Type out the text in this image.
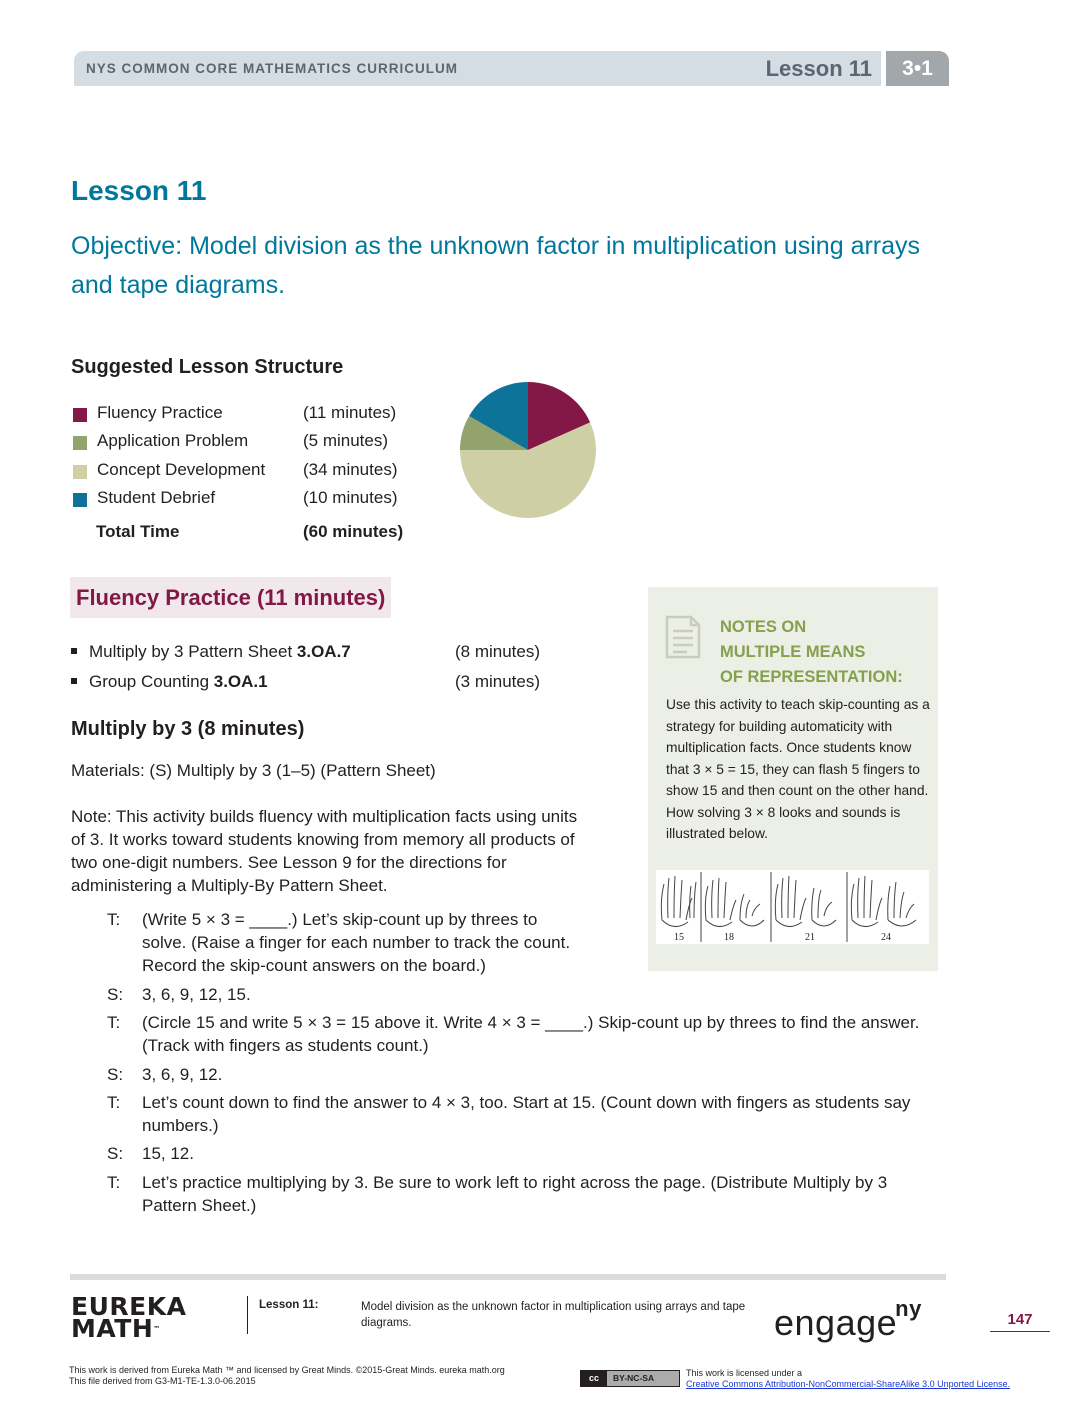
NYS COMMON CORE MATHEMATICS CURRICULUM	Lesson 11	3•1
Lesson 11
Objective: Model division as the unknown factor in multiplication using arrays and tape diagrams.
Suggested Lesson Structure
Fluency Practice	(11 minutes)
Application Problem	(5 minutes)
Concept Development (34 minutes)
Student Debrief	(10 minutes)
Total Time	(60 minutes)
Fluency Practice (11 minutes)
Multiply by 3 Pattern Sheet 3.OA.7	(8 minutes)
Group Counting 3.OA.1	(3 minutes)
Multiply by 3 (8 minutes)
Materials: (S) Multiply by 3 (1–5) (Pattern Sheet)
Note: This activity builds fluency with multiplication facts using units of 3. It works toward students knowing from memory all products of two one-digit numbers. See Lesson 9 for the directions for administering a Multiply-By Pattern Sheet.
T: (Write 5 × 3 = ____.) Let’s skip-count up by threes to solve. (Raise a finger for each number to track the count. Record the skip-count answers on the board.)
S: 3, 6, 9, 12, 15.
T: (Circle 15 and write 5 × 3 = 15 above it. Write 4 × 3 = ____.) Skip-count up by threes to find the answer. (Track with fingers as students count.)
S: 3, 6, 9, 12.
T: Let’s count down to find the answer to 4 × 3, too. Start at 15. (Count down with fingers as students say numbers.)
S: 15, 12.
T: Let’s practice multiplying by 3. Be sure to work left to right across the page. (Distribute Multiply by 3 Pattern Sheet.)
NOTES ON
MULTIPLE MEANS
OF REPRESENTATION:
Use this activity to teach skip-counting as a strategy for building automaticity with multiplication facts. Once students know that 3 × 5 = 15, they can flash 5 fingers to show 15 and then count on the other hand. How solving 3 × 8 looks and sounds is illustrated below.
15	18	21	24
EUREKA
MATH™
Lesson 11:	Model division as the unknown factor in multiplication using arrays and tape diagrams.	engage$^{ny}$	147
This work is derived from Eureka Math ™ and licensed by Great Minds. ©2015-Great Minds. eureka math.org
This file derived from G3-M1-TE-1.3.0-06.2015	cc	BY-NC-SA	This work is licensed under a
Creative Commons Attribution-NonCommercial-ShareAlike 3.0 Unported License.
